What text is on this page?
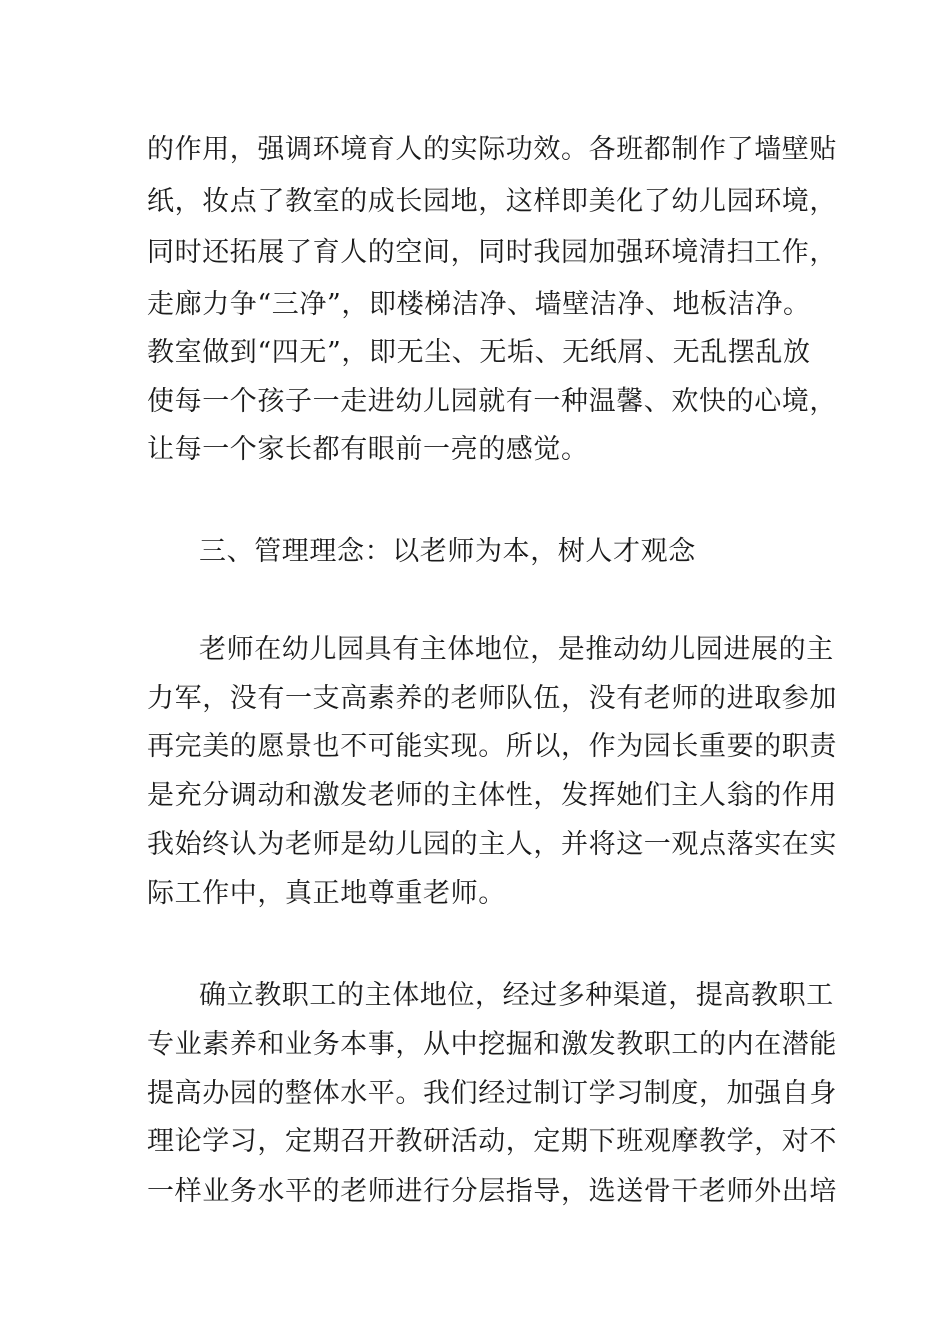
的作用，强调环境育人的实际功效。各班都制作了墙壁贴
纸，妆点了教室的成长园地，这样即美化了幼儿园环境，
同时还拓展了育人的空间，同时我园加强环境清扫工作，
走廊力争“三净”，即楼梯洁净、墙壁洁净、地板洁净。
教室做到“四无”，即无尘、无垢、无纸屑、无乱摆乱放
使每一个孩子一走进幼儿园就有一种温馨、欢快的心境，
让每一个家长都有眼前一亮的感觉。
三、管理理念：以老师为本，树人才观念
老师在幼儿园具有主体地位，是推动幼儿园进展的主
力军，没有一支高素养的老师队伍，没有老师的进取参加
再完美的愿景也不可能实现。所以，作为园长重要的职责
是充分调动和激发老师的主体性，发挥她们主人翁的作用
我始终认为老师是幼儿园的主人，并将这一观点落实在实
际工作中，真正地尊重老师。
确立教职工的主体地位，经过多种渠道，提高教职工
专业素养和业务本事，从中挖掘和激发教职工的内在潜能
提高办园的整体水平。我们经过制订学习制度，加强自身
理论学习，定期召开教研活动，定期下班观摩教学，对不
一样业务水平的老师进行分层指导，选送骨干老师外出培
